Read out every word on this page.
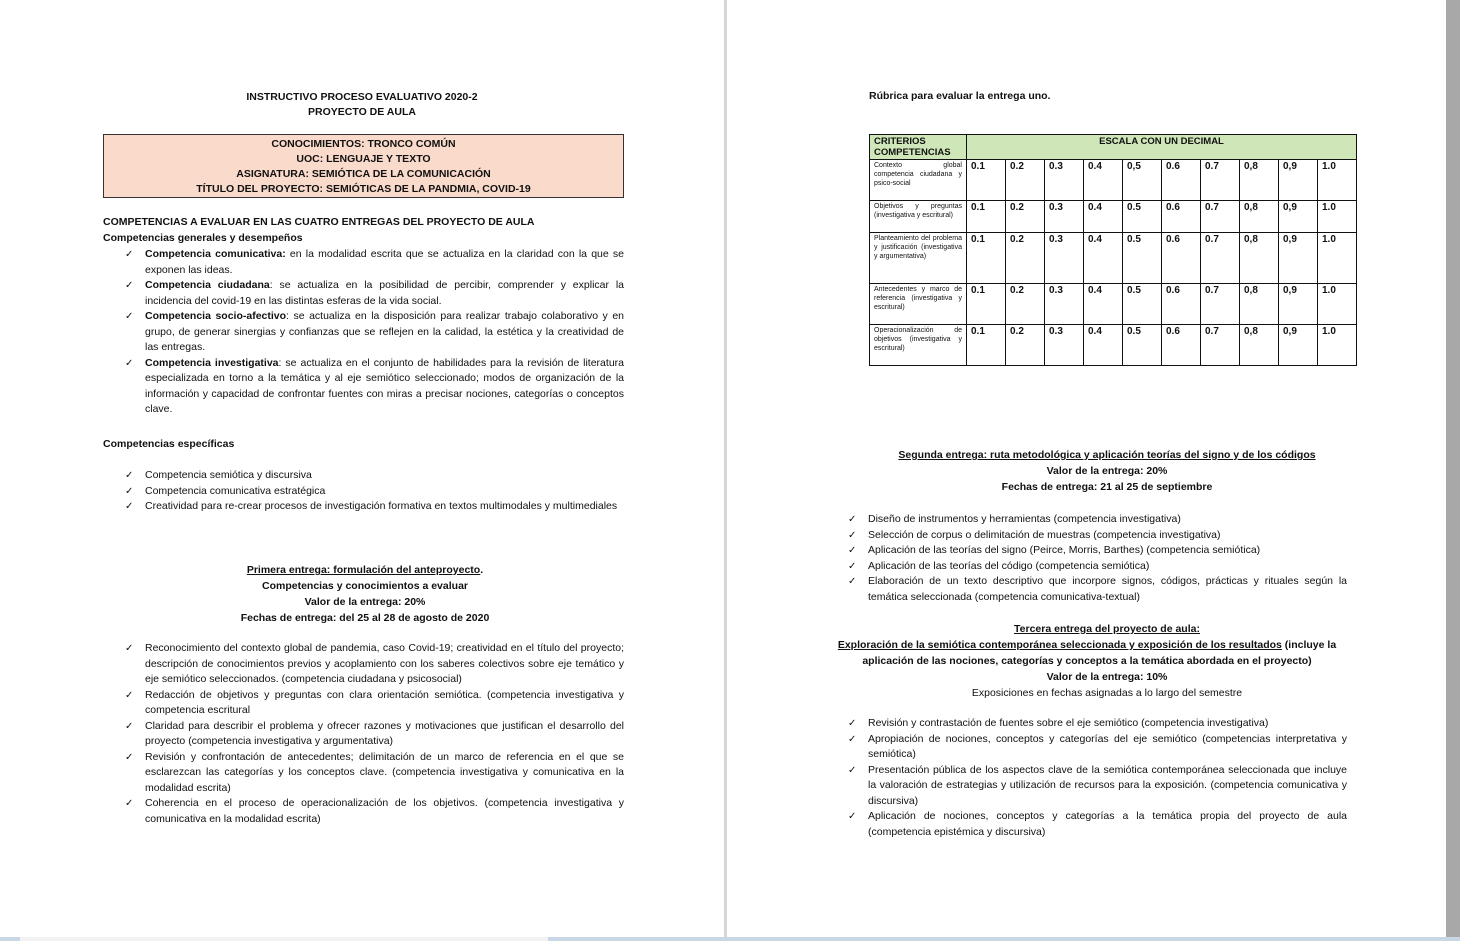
INSTRUCTIVO PROCESO EVALUATIVO 2020-2
PROYECTO DE AULA
CONOCIMIENTOS: TRONCO COMÚN
UOC: LENGUAJE Y TEXTO
ASIGNATURA: SEMIÓTICA DE LA COMUNICACIÓN
TÍTULO DEL PROYECTO: SEMIÓTICAS DE LA PANDMIA, COVID-19
COMPETENCIAS A EVALUAR EN LAS CUATRO ENTREGAS DEL PROYECTO DE AULA
Competencias generales y desempeños
✓ Competencia comunicativa: en la modalidad escrita que se actualiza en la claridad con la que se exponen las ideas.
✓ Competencia ciudadana: se actualiza en la posibilidad de percibir, comprender y explicar la incidencia del covid-19 en las distintas esferas de la vida social.
✓ Competencia socio-afectivo: se actualiza en la disposición para realizar trabajo colaborativo y en grupo, de generar sinergias y confianzas que se reflejen en la calidad, la estética y la creatividad de las entregas.
✓ Competencia investigativa: se actualiza en el conjunto de habilidades para la revisión de literatura especializada en torno a la temática y al eje semiótico seleccionado; modos de organización de la información y capacidad de confrontar fuentes con miras a precisar nociones, categorías o conceptos clave.
Competencias específicas
✓ Competencia semiótica y discursiva
✓ Competencia comunicativa estratégica
✓ Creatividad para re-crear procesos de investigación formativa en textos multimodales y multimediales
Primera entrega: formulación del anteproyecto.
Competencias y conocimientos a evaluar
Valor de la entrega: 20%
Fechas de entrega: del 25 al 28 de agosto de 2020
✓ Reconocimiento del contexto global de pandemia, caso Covid-19; creatividad en el título del proyecto; descripción de conocimientos previos y acoplamiento con los saberes colectivos sobre eje temático y eje semiótico seleccionados. (competencia ciudadana y psicosocial)
✓ Redacción de objetivos y preguntas con clara orientación semiótica. (competencia investigativa y competencia escritural
✓ Claridad para describir el problema y ofrecer razones y motivaciones que justifican el desarrollo del proyecto (competencia investigativa y argumentativa)
✓ Revisión y confrontación de antecedentes; delimitación de un marco de referencia en el que se esclarezcan las categorías y los conceptos clave. (competencia investigativa y comunicativa en la modalidad escrita)
✓ Coherencia en el proceso de operacionalización de los objetivos. (competencia investigativa y comunicativa en la modalidad escrita)
Rúbrica para evaluar la entrega uno.
CRITERIOS COMPETENCIAS	ESCALA CON UN DECIMAL									
Contexto global competencia ciudadana y psico-social	0.1	0.2	0.3	0.4	0,5	0.6	0.7	0,8	0,9	1.0
Objetivos y preguntas (investigativa y escritural)	0.1	0.2	0.3	0.4	0.5	0.6	0.7	0,8	0,9	1.0
Planteamiento del problema y justificación (investigativa y argumentativa)	0.1	0.2	0.3	0.4	0.5	0.6	0.7	0,8	0,9	1.0
Antecedentes y marco de referencia (investigativa y escritural)	0.1	0.2	0.3	0.4	0.5	0.6	0.7	0,8	0,9	1.0
Operacionalización de objetivos (investigativa y escritural)	0.1	0.2	0.3	0.4	0.5	0.6	0.7	0,8	0,9	1.0
Segunda entrega: ruta metodológica y aplicación teorías del signo y de los códigos
Valor de la entrega: 20%
Fechas de entrega: 21 al 25 de septiembre
✓ Diseño de instrumentos y herramientas (competencia investigativa)
✓ Selección de corpus o delimitación de muestras (competencia investigativa)
✓ Aplicación de las teorías del signo (Peirce, Morris, Barthes) (competencia semiótica)
✓ Aplicación de las teorías del código (competencia semiótica)
✓ Elaboración de un texto descriptivo que incorpore signos, códigos, prácticas y rituales según la temática seleccionada (competencia comunicativa-textual)
Tercera entrega del proyecto de aula:
Exploración de la semiótica contemporánea seleccionada y exposición de los resultados (incluye la aplicación de las nociones, categorías y conceptos a la temática abordada en el proyecto)
Valor de la entrega: 10%
Exposiciones en fechas asignadas a lo largo del semestre
✓ Revisión y contrastación de fuentes sobre el eje semiótico (competencia investigativa)
✓ Apropiación de nociones, conceptos y categorías del eje semiótico (competencias interpretativa y semiótica)
✓ Presentación pública de los aspectos clave de la semiótica contemporánea seleccionada que incluye la valoración de estrategias y utilización de recursos para la exposición. (competencia comunicativa y discursiva)
✓ Aplicación de nociones, conceptos y categorías a la temática propia del proyecto de aula (competencia epistémica y discursiva)
